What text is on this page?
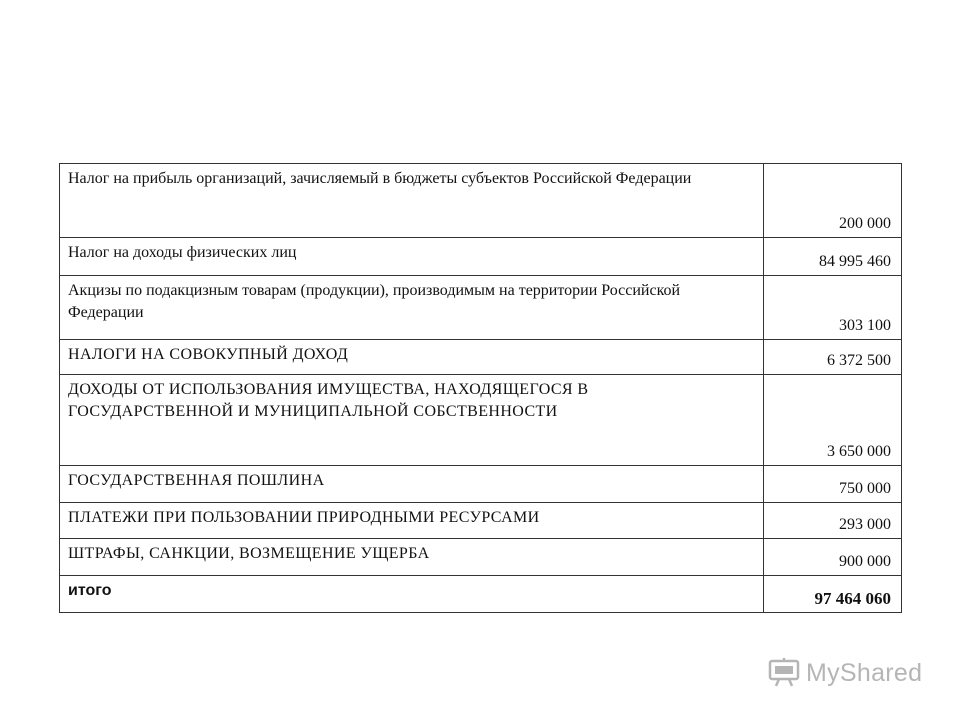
Налог на прибыль организаций, зачисляемый в бюджеты субъектов Российской Федерации	200 000
Налог на доходы физических лиц	84 995 460
Акцизы по подакцизным товарам (продукции), производимым на территории Российской Федерации	303 100
НАЛОГИ НА СОВОКУПНЫЙ ДОХОД	6 372 500
ДОХОДЫ ОТ ИСПОЛЬЗОВАНИЯ ИМУЩЕСТВА, НАХОДЯЩЕГОСЯ В ГОСУДАРСТВЕННОЙ И МУНИЦИПАЛЬНОЙ СОБСТВЕННОСТИ	3 650 000
ГОСУДАРСТВЕННАЯ ПОШЛИНА	750 000
ПЛАТЕЖИ ПРИ ПОЛЬЗОВАНИИ ПРИРОДНЫМИ РЕСУРСАМИ	293 000
ШТРАФЫ, САНКЦИИ, ВОЗМЕЩЕНИЕ УЩЕРБА	900 000
итого	97 464 060
MyShared
